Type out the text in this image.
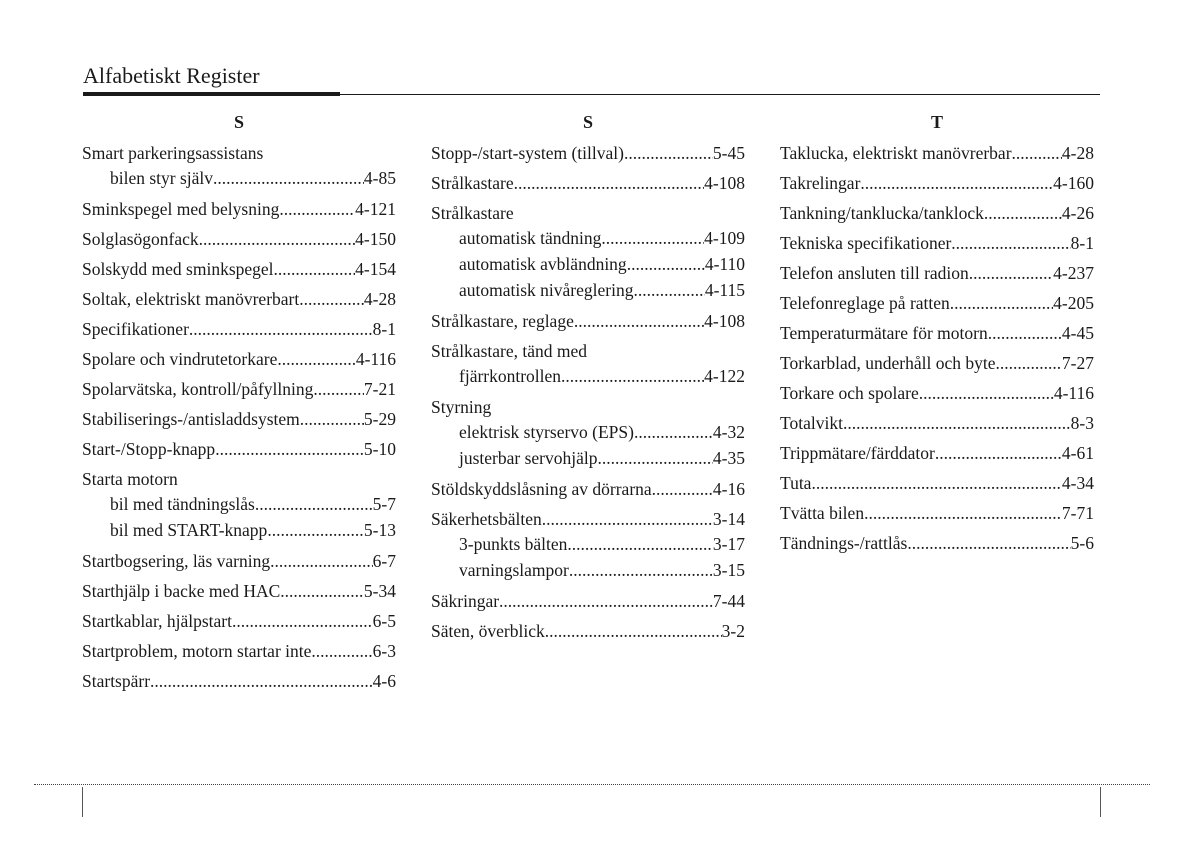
Alfabetiskt Register
S
Smart parkeringsassistans
bilen styr själv .....	4-85
Sminkspegel med belysning .....	4-121
Solglasögonfack .....	4-150
Solskydd med sminkspegel .....	4-154
Soltak, elektriskt manövrerbart .....	4-28
Specifikationer .....	8-1
Spolare och vindrutetorkare .....	4-116
Spolarvätska, kontroll/påfyllning .....	7-21
Stabiliserings-/antisladdsystem .....	5-29
Start-/Stopp-knapp .....	5-10
Starta motorn
bil med tändningslås .....	5-7
bil med START-knapp .....	5-13
Startbogsering, läs varning .....	6-7
Starthjälp i backe med HAC .....	5-34
Startkablar, hjälpstart .....	6-5
Startproblem, motorn startar inte .....	6-3
Startspärr .....	4-6
S
Stopp-/start-system (tillval) .....	5-45
Strålkastare .....	4-108
Strålkastare
automatisk tändning .....	4-109
automatisk avbländning .....	4-110
automatisk nivåreglering .....	4-115
Strålkastare, reglage .....	4-108
Strålkastare, tänd med
fjärrkontrollen .....	4-122
Styrning
elektrisk styrservo (EPS) .....	4-32
justerbar servohjälp .....	4-35
Stöldskyddslåsning av dörrarna .....	4-16
Säkerhetsbälten .....	3-14
3-punkts bälten .....	3-17
varningslampor .....	3-15
Säkringar .....	7-44
Säten, överblick .....	3-2
T
Taklucka, elektriskt manövrerbar .....	4-28
Takrelingar .....	4-160
Tankning/tanklucka/tanklock .....	4-26
Tekniska specifikationer .....	8-1
Telefon ansluten till radion .....	4-237
Telefonreglage på ratten .....	4-205
Temperaturmätare för motorn .....	4-45
Torkarblad, underhåll och byte .....	7-27
Torkare och spolare .....	4-116
Totalvikt .....	8-3
Trippmätare/färddator .....	4-61
Tuta .....	4-34
Tvätta bilen .....	7-71
Tändnings-/rattlås .....	5-6
